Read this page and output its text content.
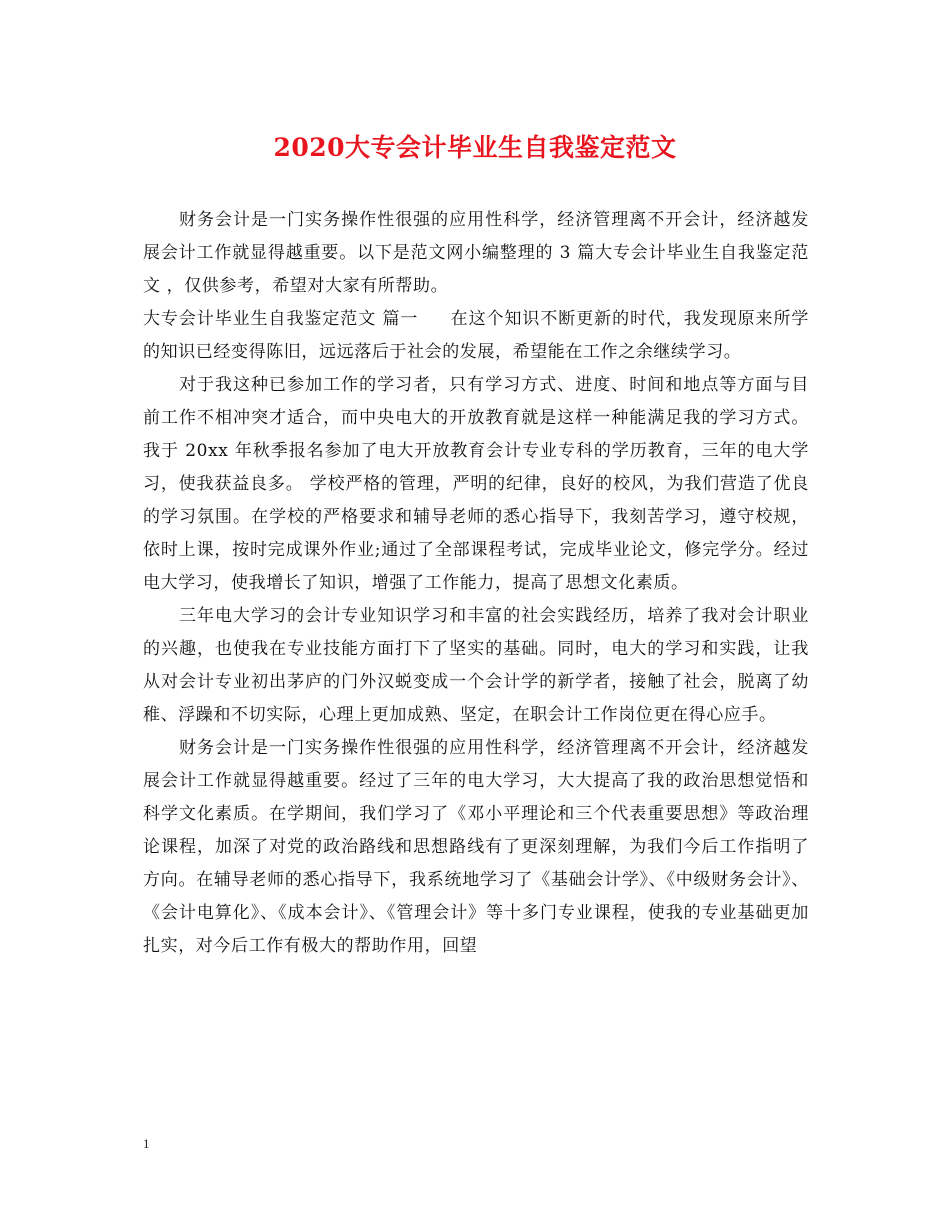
2020大专会计毕业生自我鉴定范文

财务会计是一门实务操作性很强的应用性科学，经济管理离不开会计，经济越发展会计工作就显得越重要。以下是范文网小编整理的 3 篇大专会计毕业生自我鉴定范文 ，仅供参考，希望对大家有所帮助。

大专会计毕业生自我鉴定范文 篇一 在这个知识不断更新的时代，我发现原来所学的知识已经变得陈旧，远远落后于社会的发展，希望能在工作之余继续学习。

对于我这种已参加工作的学习者，只有学习方式、进度、时间和地点等方面与目前工作不相冲突才适合，而中央电大的开放教育就是这样一种能满足我的学习方式。我于 20xx 年秋季报名参加了电大开放教育会计专业专科的学历教育，三年的电大学习，使我获益良多。 学校严格的管理，严明的纪律，良好的校风，为我们营造了优良的学习氛围。在学校的严格要求和辅导老师的悉心指导下，我刻苦学习，遵守校规，依时上课，按时完成课外作业;通过了全部课程考试，完成毕业论文，修完学分。经过电大学习，使我增长了知识，增强了工作能力，提高了思想文化素质。

三年电大学习的会计专业知识学习和丰富的社会实践经历，培养了我对会计职业的兴趣，也使我在专业技能方面打下了坚实的基础。同时，电大的学习和实践，让我从对会计专业初出茅庐的门外汉蜕变成一个会计学的新学者，接触了社会，脱离了幼稚、浮躁和不切实际，心理上更加成熟、坚定，在职会计工作岗位更在得心应手。

财务会计是一门实务操作性很强的应用性科学，经济管理离不开会计，经济越发展会计工作就显得越重要。经过了三年的电大学习，大大提高了我的政治思想觉悟和科学文化素质。在学期间，我们学习了《邓小平理论和三个代表重要思想》等政治理论课程，加深了对党的政治路线和思想路线有了更深刻理解，为我们今后工作指明了方向。在辅导老师的悉心指导下，我系统地学习了《基础会计学》、《中级财务会计》、《会计电算化》、《成本会计》、《管理会计》等十多门专业课程，使我的专业基础更加扎实，对今后工作有极大的帮助作用，回望

1
